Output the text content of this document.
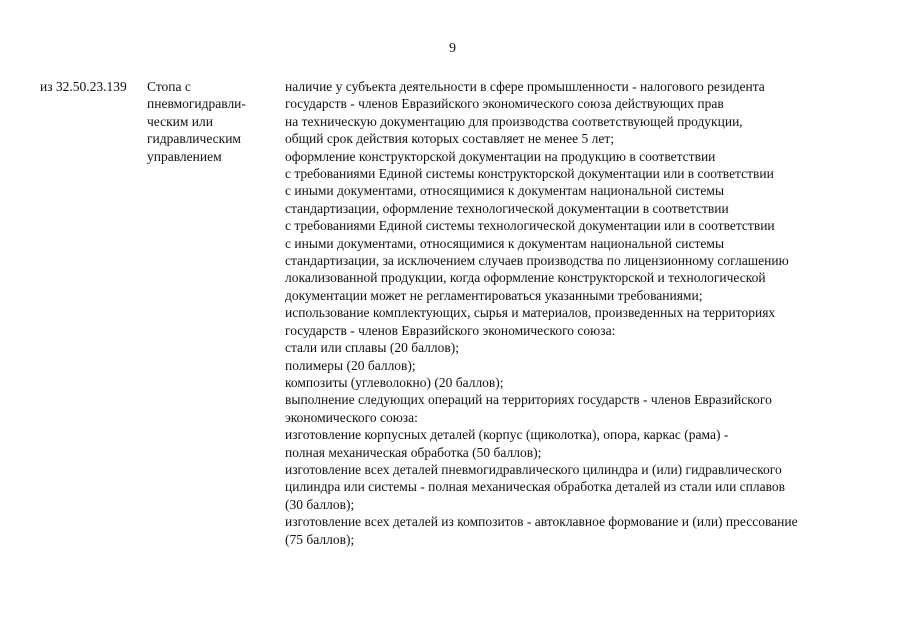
9
из 32.50.23.139 Стопа с
пневмогидравли-
ческим или
гидравлическим
управлением
наличие у субъекта деятельности в сфере промышленности - налогового резидента
государств - членов Евразийского экономического союза действующих прав
на техническую документацию для производства соответствующей продукции,
общий срок действия которых составляет не менее 5 лет;
оформление конструкторской документации на продукцию в соответствии
с требованиями Единой системы конструкторской документации или в соответствии
с иными документами, относящимися к документам национальной системы
стандартизации, оформление технологической документации в соответствии
с требованиями Единой системы технологической документации или в соответствии
с иными документами, относящимися к документам национальной системы
стандартизации, за исключением случаев производства по лицензионному соглашению
локализованной продукции, когда оформление конструкторской и технологической
документации может не регламентироваться указанными требованиями;
использование комплектующих, сырья и материалов, произведенных на территориях
государств - членов Евразийского экономического союза:
стали или сплавы (20 баллов);
полимеры (20 баллов);
композиты (углеволокно) (20 баллов);
выполнение следующих операций на территориях государств - членов Евразийского
экономического союза:
изготовление корпусных деталей (корпус (щиколотка), опора, каркас (рама) -
полная механическая обработка (50 баллов);
изготовление всех деталей пневмогидравлического цилиндра и (или) гидравлического
цилиндра или системы - полная механическая обработка деталей из стали или сплавов
(30 баллов);
изготовление всех деталей из композитов - автоклавное формование и (или) прессование
(75 баллов);
